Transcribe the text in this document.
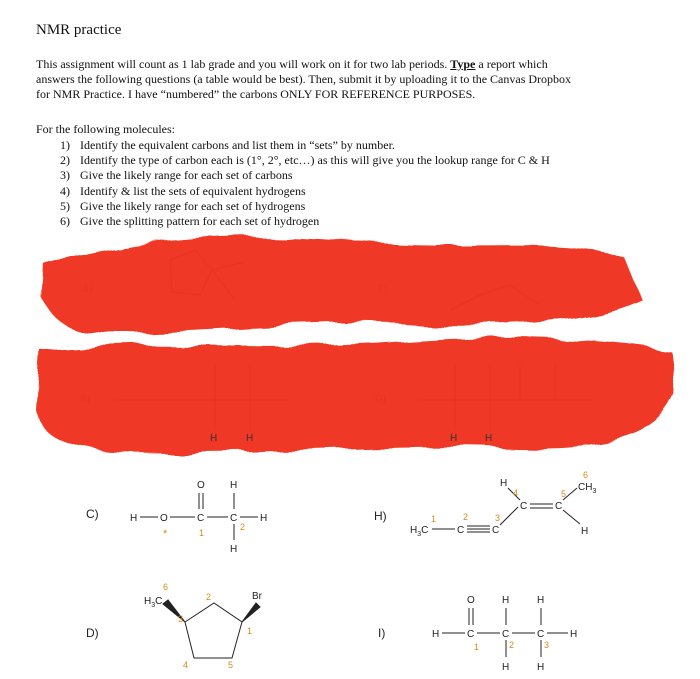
NMR practice
This assignment will count as 1 lab grade and you will work on it for two lab periods. Type a report which
answers the following questions (a table would be best). Then, submit it by uploading it to the Canvas Dropbox
for NMR Practice. I have “numbered” the carbons ONLY FOR REFERENCE PURPOSES.
For the following molecules:
1) Identify the equivalent carbons and list them in “sets” by number.
2) Identify the type of carbon each is (1°, 2°, etc…) as this will give you the lookup range for C & H
3) Give the likely range for each set of carbons
4) Identify & list the sets of equivalent hydrogens
5) Give the likely range for each set of hydrogens
6) Give the splitting pattern for each set of hydrogen
H	H	H	H
C)	H O	C
O
C
H
H
H
*	1
2
H)
$H_3C$	C	C
C
H
C
$CH_3$
H
1	2	3
4	5
6
D)
$H_3C$	Br
6
2
3
1
4	5
I)	H	C
O
C
H
H
C
H
H
H
1	2	3
